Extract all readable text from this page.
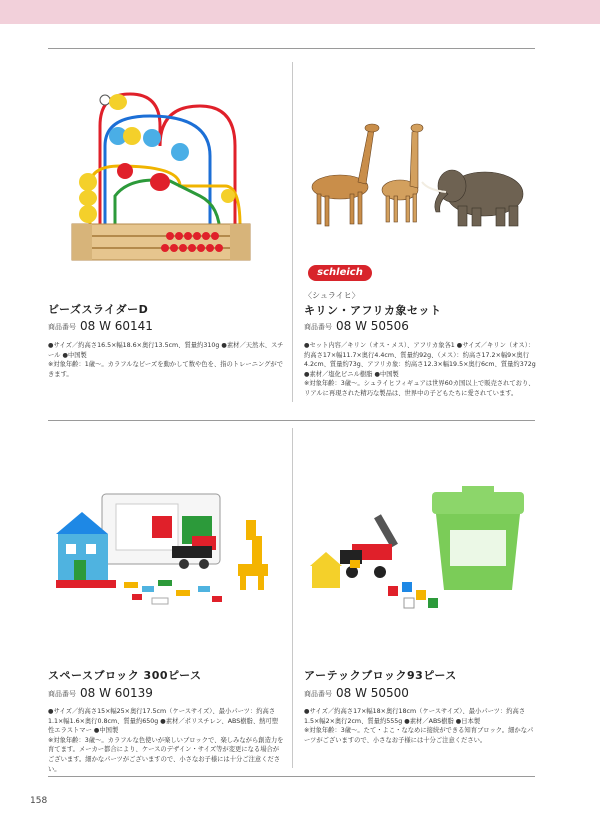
ビーズスライダーD
商品番号 08 W 60141

●サイズ／約高さ16.5×幅18.6×奥行13.5cm、質量約310g ●素材／天然木、スチール ●中国製

※対象年齢：1歳〜。カラフルなビーズを動かして数や色を、指のトレーニングができます。

schleich
〈シュライヒ〉
キリン・アフリカ象セット
商品番号 08 W 50506

●セット内容／キリン（オス・メス）、アフリカ象各1 ●サイズ／キリン（オス）：約高さ17×幅11.7×奥行4.4cm、質量約92g、（メス）：約高さ17.2×幅9×奥行4.2cm、質量約73g、アフリカ象：約高さ12.3×幅19.5×奥行6cm、質量約372g ●素材／塩化ビニル樹脂 ●中国製

※対象年齢：3歳〜。シュライヒフィギュアは世界60カ国以上で販売されており、リアルに再現された精巧な製品は、世界中の子どもたちに愛されています。

スペースブロック 300ピース
商品番号 08 W 60139

●サイズ／約高さ15×幅25×奥行17.5cm（ケースサイズ）、最小パーツ：約高さ1.1×幅1.6×奥行0.8cm、質量約650g ●素材／ポリスチレン、ABS樹脂、熱可塑性エラストマー ●中国製

※対象年齢：3歳〜。カラフルな色使いが楽しいブロックで、楽しみながら創造力を育てます。メーカー都合により、ケースのデザイン・サイズ等が変更になる場合がございます。細かなパーツがございますので、小さなお子様には十分ご注意ください。

アーテックブロック93ピース
商品番号 08 W 50500

●サイズ／約高さ17×幅18×奥行18cm（ケースサイズ）、最小パーツ：約高さ1.5×幅2×奥行2cm、質量約555g ●素材／ABS樹脂 ●日本製

※対象年齢：3歳〜。たて・よこ・ななめに接続ができる知育ブロック。細かなパーツがございますので、小さなお子様には十分ご注意ください。

158
